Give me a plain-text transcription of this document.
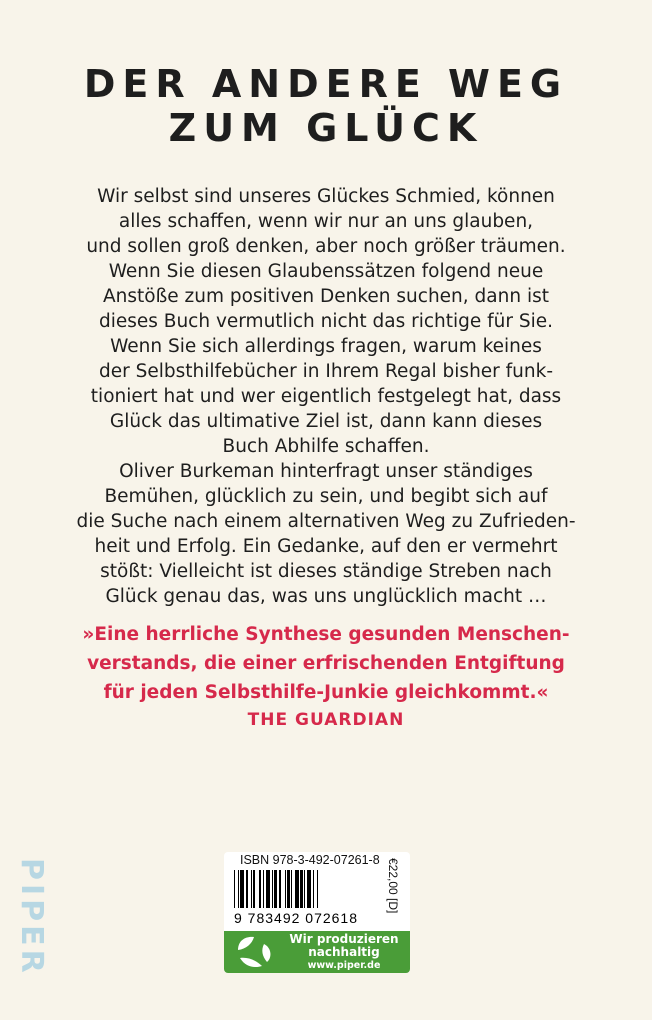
DER ANDERE WEG
ZUM GLÜCK
Wir selbst sind unseres Glückes Schmied, können
alles schaffen, wenn wir nur an uns glauben,
und sollen groß denken, aber noch größer träumen.
Wenn Sie diesen Glaubenssätzen folgend neue
Anstöße zum positiven Denken suchen, dann ist
dieses Buch vermutlich nicht das richtige für Sie.
Wenn Sie sich allerdings fragen, warum keines
der Selbsthilfebücher in Ihrem Regal bisher funk-
tioniert hat und wer eigentlich festgelegt hat, dass
Glück das ultimative Ziel ist, dann kann dieses
Buch Abhilfe schaffen.
Oliver Burkeman hinterfragt unser ständiges
Bemühen, glücklich zu sein, und begibt sich auf
die Suche nach einem alternativen Weg zu Zufrieden-
heit und Erfolg. Ein Gedanke, auf den er vermehrt
stößt: Vielleicht ist dieses ständige Streben nach
Glück genau das, was uns unglücklich macht …
»Eine herrliche Synthese gesunden Menschen-
verstands, die einer erfrischenden Entgiftung
für jeden Selbsthilfe-Junkie gleichkommt.«
THE GUARDIAN
PIPER	ISBN 978-3-492-07261-8
9 783492 072618
€22,00 [D]
Wir produzieren
nachhaltig
www.piper.de
